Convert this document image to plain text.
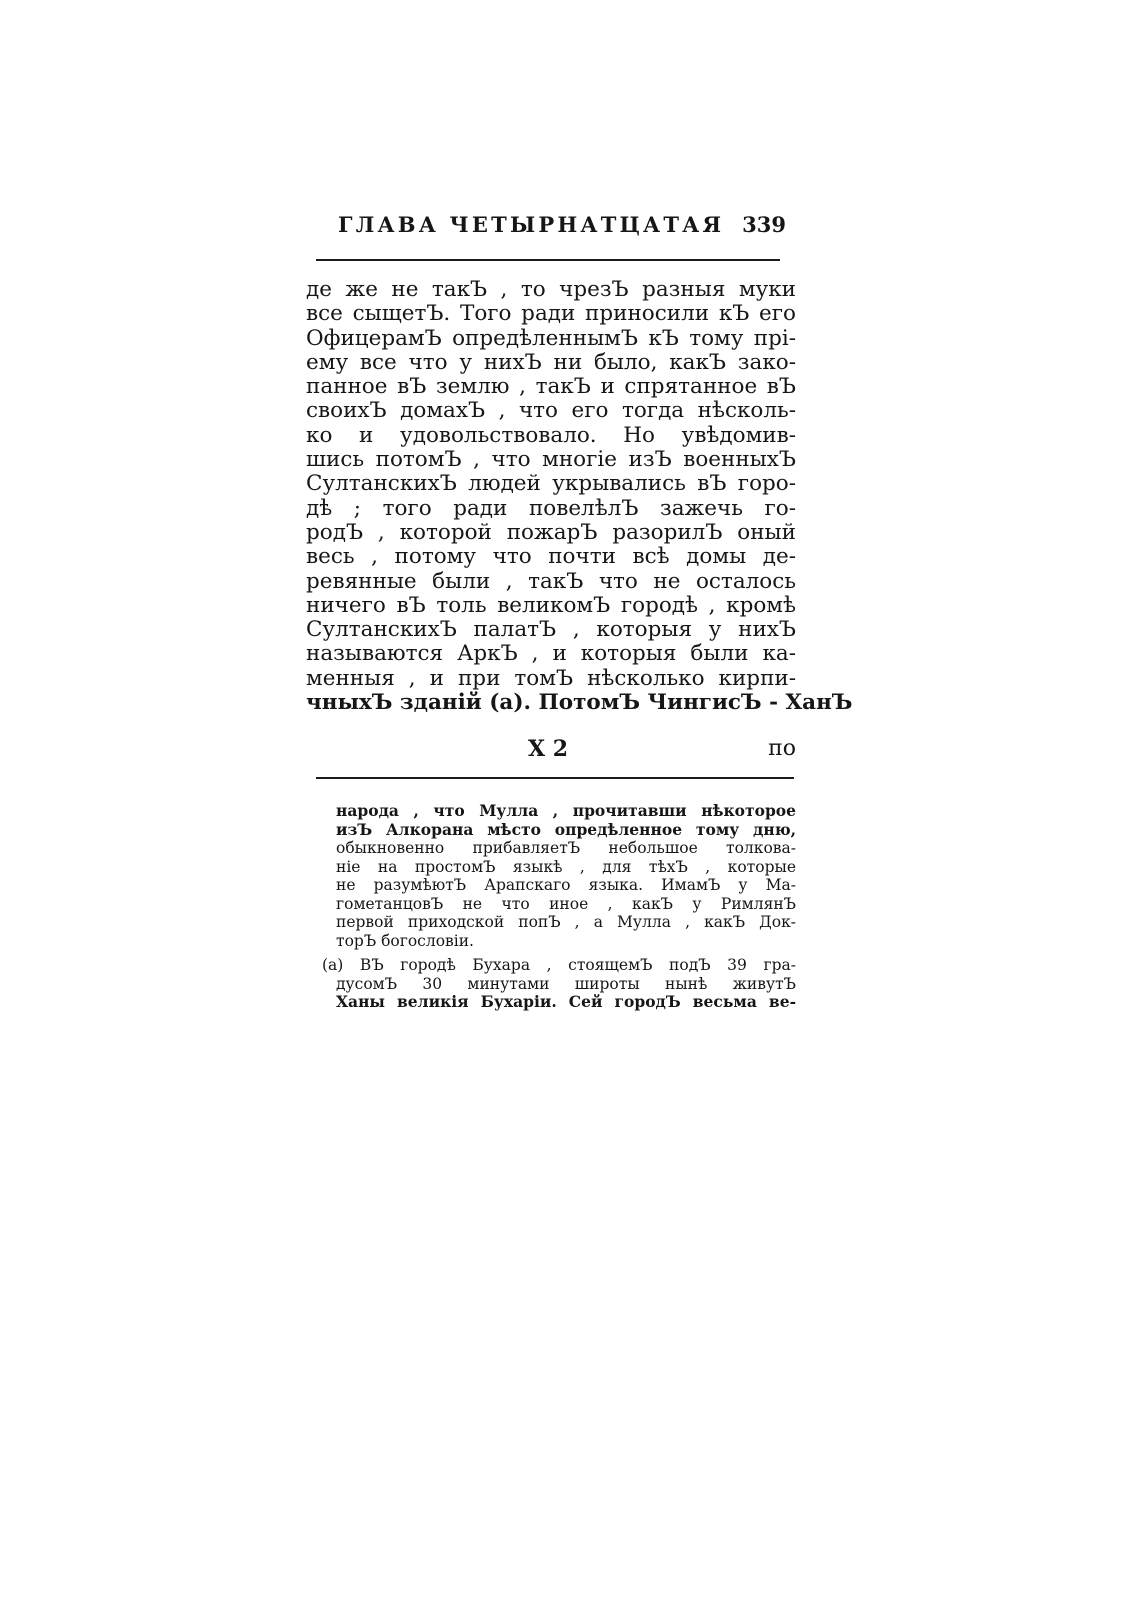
ГЛАВА ЧЕТЫРНАТЦАТАЯ 339
де же не такЪ , то чрезЪ разныя муки
все сыщетЪ. Того ради приносили кЪ его
ОфицерамЪ опредѣленнымЪ кЪ тому прі-
ему все что у нихЪ ни было, какЪ зако-
панное вЪ землю , такЪ и спрятанное вЪ
своихЪ домахЪ , что его тогда нѣсколь-
ко и удовольствовало. Но увѣдомив-
шись потомЪ , что многіе изЪ военныхЪ
СултанскихЪ людей укрывались вЪ горо-
дѣ ; того ради повелѣлЪ зажечь го-
родЪ , которой пожарЪ разорилЪ оный
весь , потому что почти всѣ домы де-
ревянные были , такЪ что не осталось
ничего вЪ толь великомЪ городѣ , кромѣ
СултанскихЪ палатЪ , которыя у нихЪ
называются АркЪ , и которыя были ка-
менныя , и при томЪ нѣсколько кирпи-
чныхЪ зданій (a). ПотомЪ ЧингисЪ - ХанЪ
X 2	по
народа , что Мулла , прочитавши нѣкоторое
изЪ Алкорана мѣсто опредѣленное тому дню,
обыкновенно прибавляетЪ небольшое толкова-
ніе на простомЪ языкѣ , для тѣхЪ , которые
не разумѣютЪ Арапскаго языка. ИмамЪ у Ма-
гометанцовЪ не что иное , какЪ у РимлянЪ
первой приходской попЪ , а Мулла , какЪ Док-
торЪ богословіи.
(a) ВЪ городѣ Бухара , стоящемЪ подЪ 39 гра-
дусомЪ 30 минутами широты нынѣ живутЪ
Ханы великія Бухаріи. Сей городЪ весьма ве-
